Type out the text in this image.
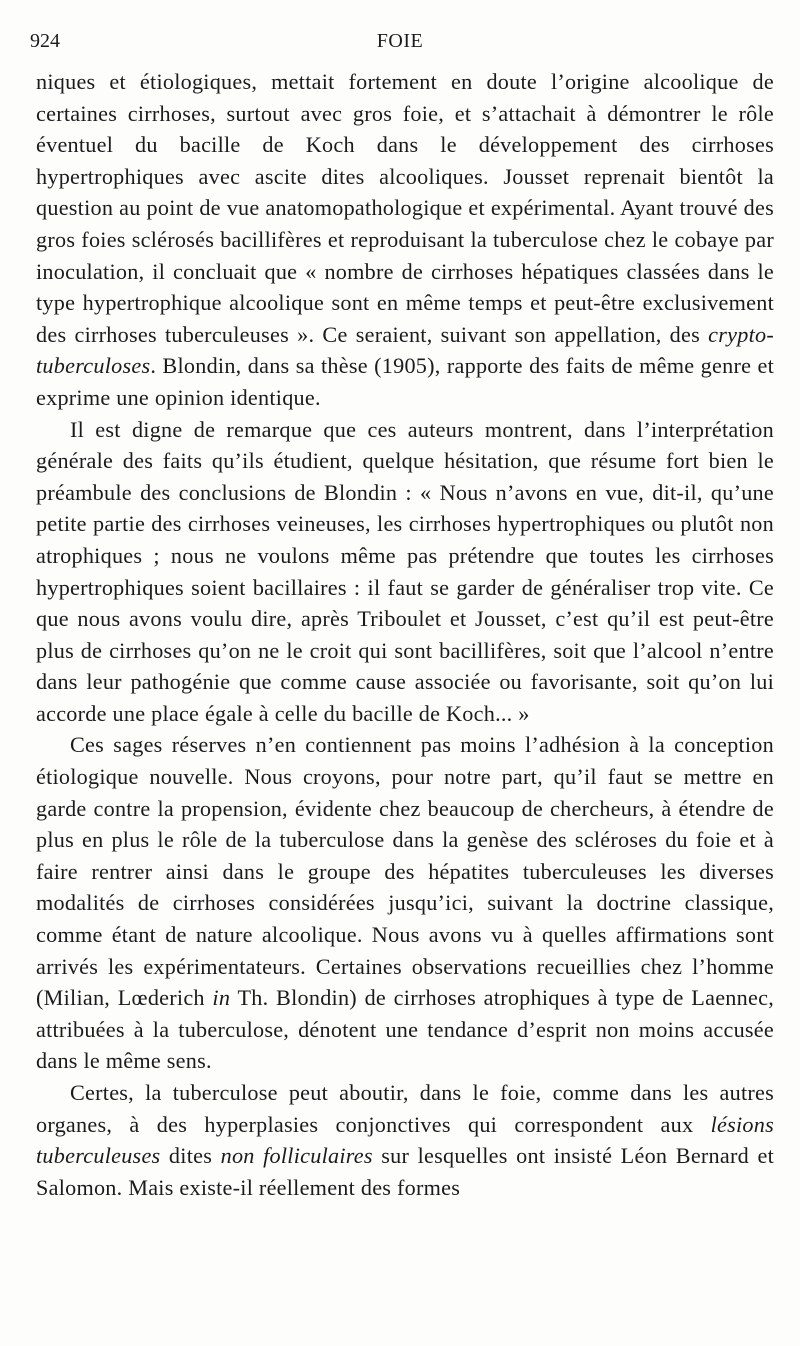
924	FOIE

niques et étiologiques, mettait fortement en doute l’origine alcoolique de certaines cirrhoses, surtout avec gros foie, et s’attachait à démontrer le rôle éventuel du bacille de Koch dans le développement des cirrhoses hypertrophiques avec ascite dites alcooliques. Jousset reprenait bientôt la question au point de vue anatomopathologique et expérimental. Ayant trouvé des gros foies sclérosés bacillifères et reproduisant la tuberculose chez le cobaye par inoculation, il concluait que « nombre de cirrhoses hépatiques classées dans le type hypertrophique alcoolique sont en même temps et peut-être exclusivement des cirrhoses tuberculeuses ». Ce seraient, suivant son appellation, des crypto-tuberculoses. Blondin, dans sa thèse (1905), rapporte des faits de même genre et exprime une opinion identique.

Il est digne de remarque que ces auteurs montrent, dans l’interprétation générale des faits qu’ils étudient, quelque hésitation, que résume fort bien le préambule des conclusions de Blondin : « Nous n’avons en vue, dit-il, qu’une petite partie des cirrhoses veineuses, les cirrhoses hypertrophiques ou plutôt non atrophiques ; nous ne voulons même pas prétendre que toutes les cirrhoses hypertrophiques soient bacillaires : il faut se garder de généraliser trop vite. Ce que nous avons voulu dire, après Triboulet et Jousset, c’est qu’il est peut-être plus de cirrhoses qu’on ne le croit qui sont bacillifères, soit que l’alcool n’entre dans leur pathogénie que comme cause associée ou favorisante, soit qu’on lui accorde une place égale à celle du bacille de Koch... »

Ces sages réserves n’en contiennent pas moins l’adhésion à la conception étiologique nouvelle. Nous croyons, pour notre part, qu’il faut se mettre en garde contre la propension, évidente chez beaucoup de chercheurs, à étendre de plus en plus le rôle de la tuberculose dans la genèse des scléroses du foie et à faire rentrer ainsi dans le groupe des hépatites tuberculeuses les diverses modalités de cirrhoses considérées jusqu’ici, suivant la doctrine classique, comme étant de nature alcoolique. Nous avons vu à quelles affirmations sont arrivés les expérimentateurs. Certaines observations recueillies chez l’homme (Milian, Lœderich in Th. Blondin) de cirrhoses atrophiques à type de Laennec, attribuées à la tuberculose, dénotent une tendance d’esprit non moins accusée dans le même sens.

Certes, la tuberculose peut aboutir, dans le foie, comme dans les autres organes, à des hyperplasies conjonctives qui correspondent aux lésions tuberculeuses dites non folliculaires sur lesquelles ont insisté Léon Bernard et Salomon. Mais existe-il réellement des formes
